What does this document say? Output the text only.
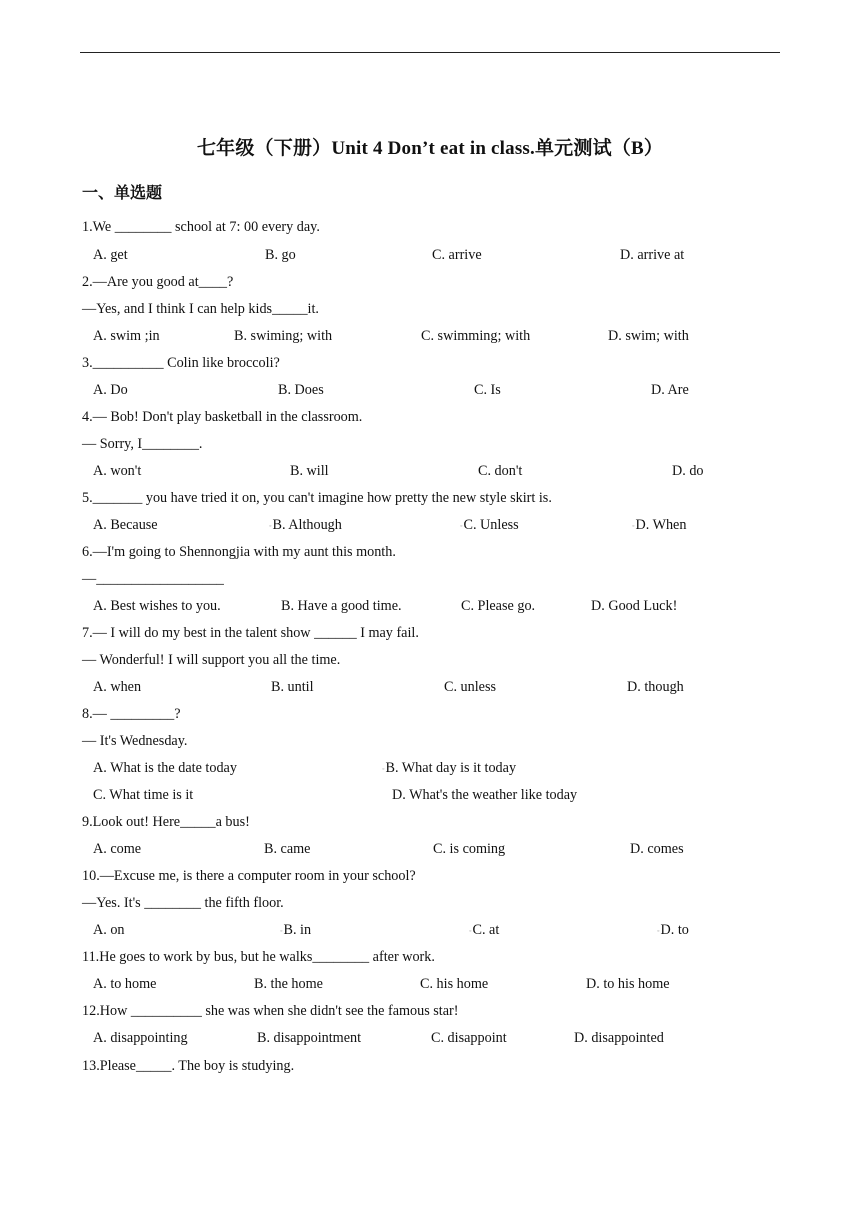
七年级（下册）Unit 4 Don’t eat in class.单元测试（B）
一、单选题
1.We ________ school at 7: 00 every day.
A. get	B. go	C. arrive	D. arrive at
2.—Are you good at____?
—Yes, and I think I can help kids_____it.
A. swim ;in	B. swiming; with	C. swimming; with	D. swim; with
3.__________ Colin like broccoli?
A. Do	B. Does	C. Is	D. Are
4.— Bob! Don't play basketball in the classroom.
— Sorry, I________.
A. won't	B. will	C. don't	D. do
5._______ you have tried it on, you can't imagine how pretty the new style skirt is.
A. Because	◦B. Although	◦C. Unless	◦D. When
6.—I'm going to Shennongjia with my aunt this month.
—__________________
A. Best wishes to you.	B. Have a good time.	C. Please go.	D. Good Luck!
7.— I will do my best in the talent show ______ I may fail.
— Wonderful! I will support you all the time.
A. when	B. until	C. unless	D. though
8.— _________?
— It's Wednesday.
A. What is the date today	◦B. What day is it today
C. What time is it	D. What's the weather like today
9.Look out! Here_____a bus!
A. come	B. came	C. is coming	D. comes
10.—Excuse me, is there a computer room in your school?
—Yes. It's ________ the fifth floor.
A. on	◦B. in	◦C. at	◦D. to
11.He goes to work by bus, but he walks________ after work.
A. to home	B. the home	C. his home	D. to his home
12.How __________ she was when she didn't see the famous star!
A. disappointing	B. disappointment	C. disappoint	D. disappointed
13.Please_____. The boy is studying.
